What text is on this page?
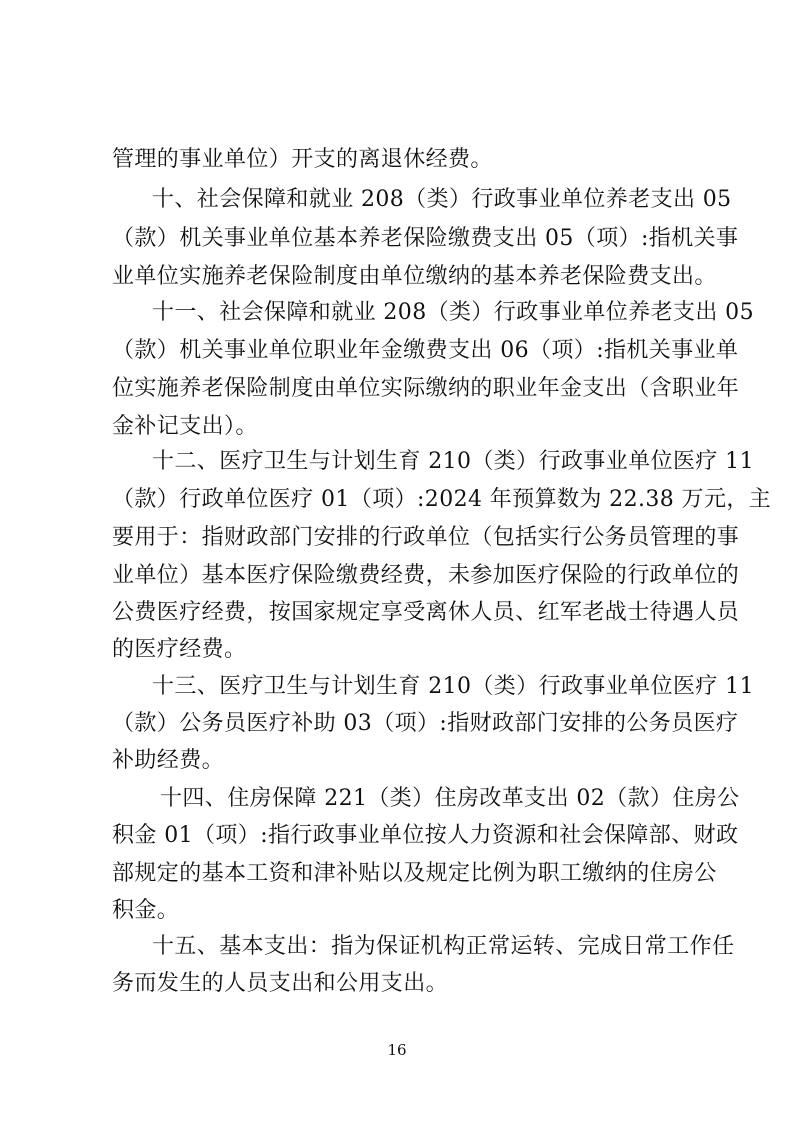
管理的事业单位）开支的离退休经费。
十、社会保障和就业 208（类）行政事业单位养老支出 05
（款）机关事业单位基本养老保险缴费支出 05（项）:指机关事
业单位实施养老保险制度由单位缴纳的基本养老保险费支出。
十一、社会保障和就业 208（类）行政事业单位养老支出 05
（款）机关事业单位职业年金缴费支出 06（项）:指机关事业单
位实施养老保险制度由单位实际缴纳的职业年金支出（含职业年
金补记支出）。
十二、医疗卫生与计划生育 210（类）行政事业单位医疗 11
（款）行政单位医疗 01（项）:2024 年预算数为 22.38 万元，主
要用于：指财政部门安排的行政单位（包括实行公务员管理的事
业单位）基本医疗保险缴费经费，未参加医疗保险的行政单位的
公费医疗经费，按国家规定享受离休人员、红军老战士待遇人员
的医疗经费。
十三、医疗卫生与计划生育 210（类）行政事业单位医疗 11
（款）公务员医疗补助 03（项）:指财政部门安排的公务员医疗
补助经费。
十四、住房保障 221（类）住房改革支出 02（款）住房公
积金 01（项）:指行政事业单位按人力资源和社会保障部、财政
部规定的基本工资和津补贴以及规定比例为职工缴纳的住房公
积金。
十五、基本支出：指为保证机构正常运转、完成日常工作任
务而发生的人员支出和公用支出。
16
